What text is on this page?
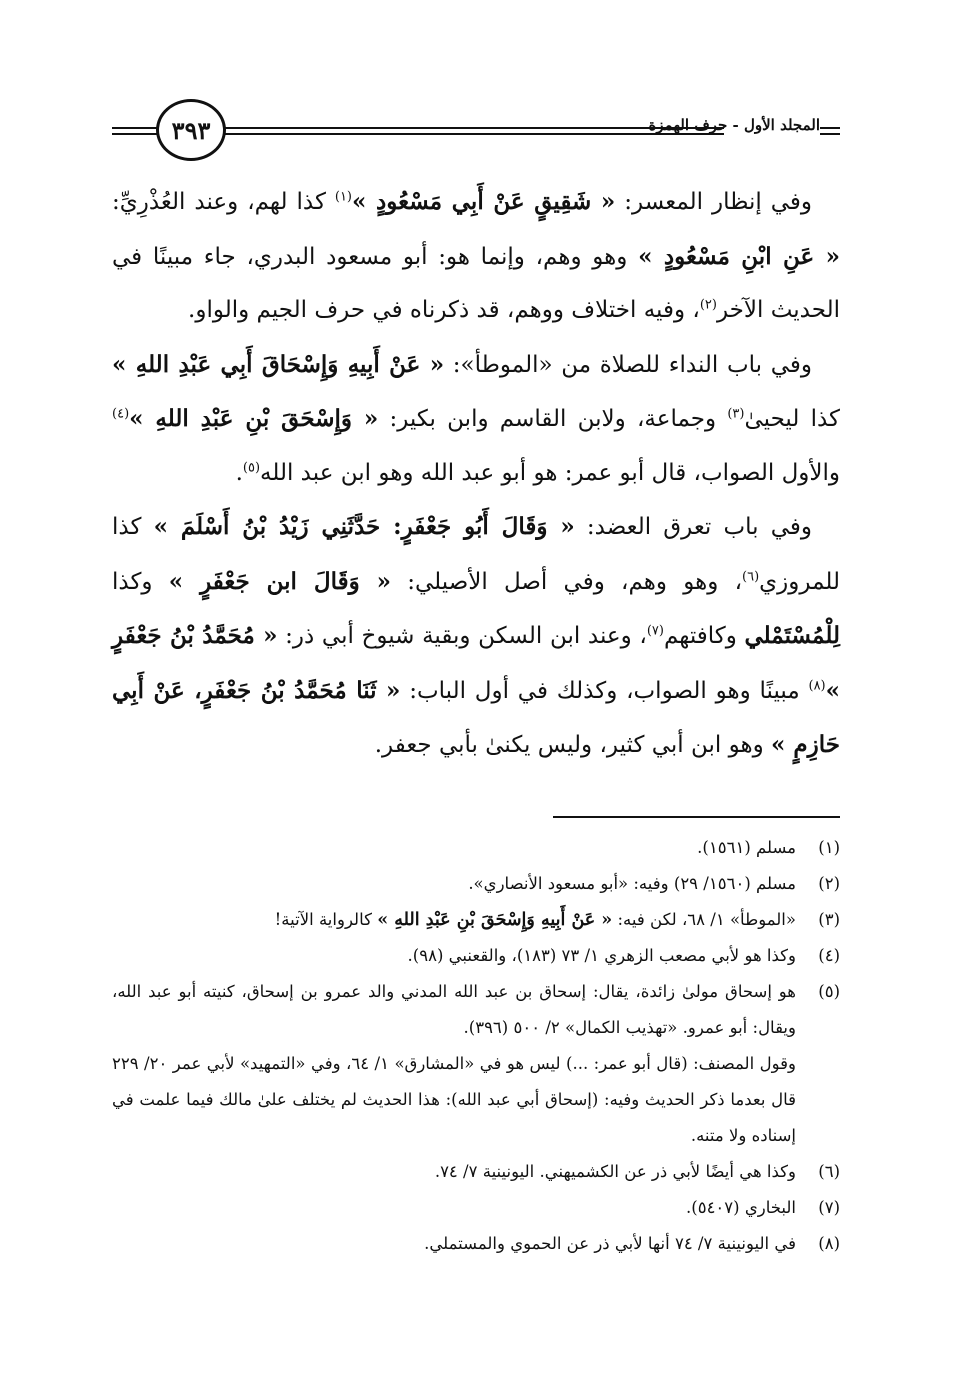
٣٩٣	المجلد الأول - حرف الهمزة

وفي إنظار المعسر: « شَقِيقٍ عَنْ أَبِي مَسْعُودٍ »$^{(١)}$ كذا لهم، وعند العُذْرِيِّ: « عَنِ ابْنِ مَسْعُودٍ » وهو وهم، وإنما هو: أبو مسعود البدري، جاء مبينًا في الحديث الآخر$^{(٢)}$، وفيه اختلاف ووهم، قد ذكرناه في حرف الجيم والواو.

وفي باب النداء للصلاة من «الموطأ»: « عَنْ أَبِيهِ وَإِسْحَاقَ أَبِي عَبْدِ اللهِ » كذا ليحيىٰ$^{(٣)}$ وجماعة، ولابن القاسم وابن بكير: « وَإِسْحَقَ بْنِ عَبْدِ اللهِ »$^{(٤)}$ والأول الصواب، قال أبو عمر: هو أبو عبد الله وهو ابن عبد الله$^{(٥)}$.

وفي باب تعرق العضد: « وَقَالَ أَبُو جَعْفَرٍ: حَدَّثَنِي زَيْدُ بْنُ أَسْلَمَ » كذا للمروزي$^{(٦)}$، وهو وهم، وفي أصل الأصيلي: « وَقَالَ ابن جَعْفَرٍ » وكذا لِلْمُسْتَمْلي وكافتهم$^{(٧)}$، وعند ابن السكن وبقية شيوخ أبي ذر: « مُحَمَّدُ بْنُ جَعْفَرٍ »$^{(٨)}$ مبينًا وهو الصواب، وكذلك في أول الباب: « ثَنَا مُحَمَّدُ بْنُ جَعْفَرٍ، عَنْ أَبِي حَازِمٍ » وهو ابن أبي كثير، وليس يكنىٰ بأبي جعفر.

(١)
مسلم (١٥٦١).
(٢)
مسلم (١٥٦٠/ ٢٩) وفيه: «أبو مسعود الأنصاري».
(٣)
«الموطأ» ١/ ٦٨، لكن فيه: « عَنْ أَبِيهِ وَإِسْحَقَ بْنِ عَبْدِ اللهِ » كالرواية الآتية!
(٤)
وكذا هو لأبي مصعب الزهري ١/ ٧٣ (١٨٣)، والقعنبي (٩٨).
(٥)
هو إسحاق مولىٰ زائدة، يقال: إسحاق بن عبد الله المدني والد عمرو بن إسحاق، كنيته أبو عبد الله، ويقال: أبو عمرو. «تهذيب الكمال» ٢/ ٥٠٠ (٣٩٦).
وقول المصنف: (قال أبو عمر: ...) ليس هو في «المشارق» ١/ ٦٤، وفي «التمهيد» لأبي عمر ٢٠/ ٢٢٩ قال بعدما ذكر الحديث وفيه: (إسحاق أبي عبد الله): هذا الحديث لم يختلف علىٰ مالك فيما علمت في إسناده ولا متنه.
(٦)
وكذا هي أيضًا لأبي ذر عن الكشميهني. اليونينية ٧/ ٧٤.
(٧)
البخاري (٥٤٠٧).
(٨)
في اليونينية ٧/ ٧٤ أنها لأبي ذر عن الحموي والمستملي.
